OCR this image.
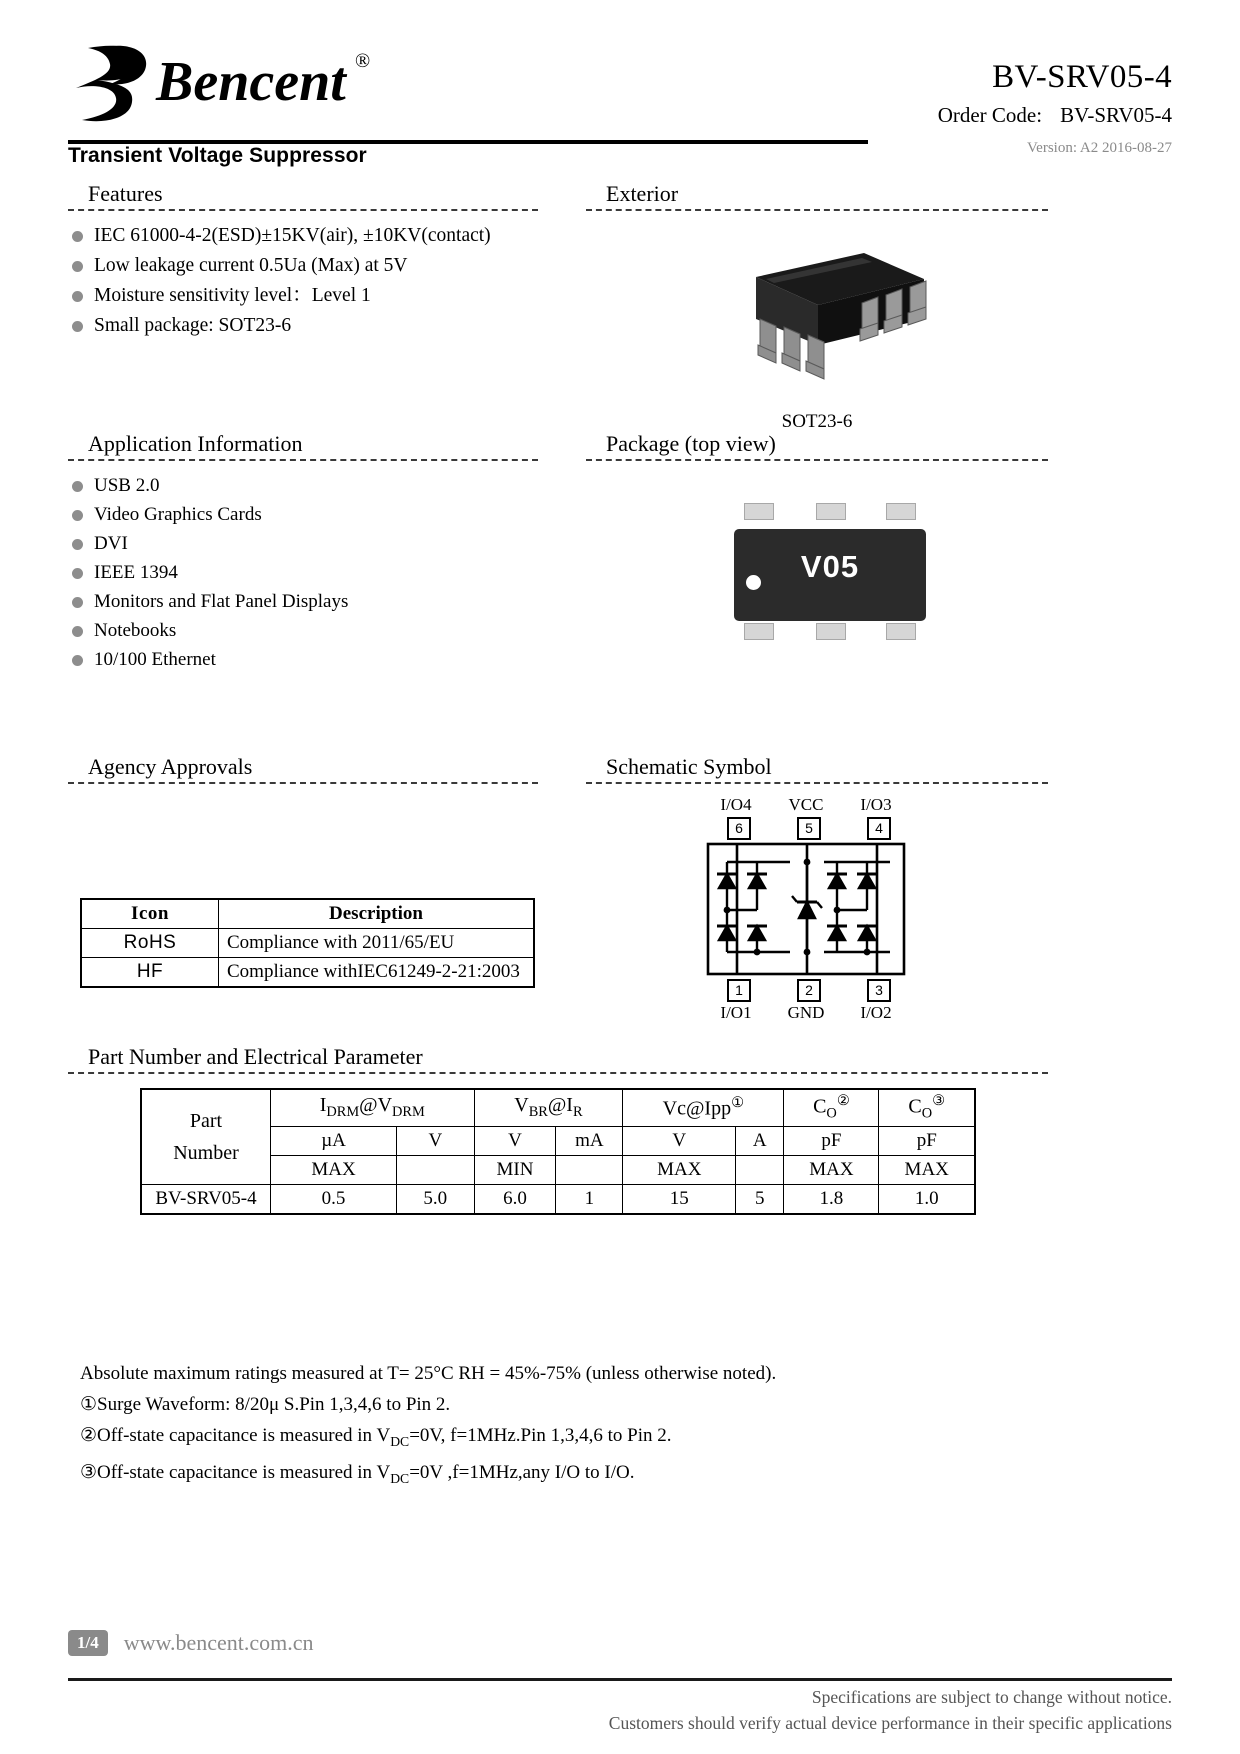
Bencent ®	BV-SRV05-4
Order Code: BV-SRV05-4
Version: A2 2016-08-27
Transient Voltage Suppressor
Features
IEC 61000-4-2(ESD)±15KV(air), ±10KV(contact)
Low leakage current 0.5Ua (Max) at 5V
Moisture sensitivity level：Level 1
Small package: SOT23-6
Exterior
SOT23-6
Application Information
USB 2.0
Video Graphics Cards
DVI
IEEE 1394
Monitors and Flat Panel Displays
Notebooks
10/100 Ethernet
Package (top view)
V05
Agency Approvals
Icon	Description
RoHS	Compliance with 2011/65/EU
HF	Compliance withIEC61249-2-21:2003
Schematic Symbol
I/O4	VCC	I/O3
6	5	4
1	2	3
I/O1	GND	I/O2
Part Number and Electrical Parameter
Part
Number	$I_{DRM}@V_{DRM}$		$V_{BR}@I_R$		Vc@Ipp①		$C_O^②$	$C_O^③$
	µA	V	V	mA	V	A	pF	pF
	MAX		MIN		MAX		MAX	MAX
BV-SRV05-4	0.5	5.0	6.0	1	15	5	1.8	1.0
Absolute maximum ratings measured at T= 25°C RH = 45%-75% (unless otherwise noted).
①Surge Waveform: 8/20μ S.Pin 1,3,4,6 to Pin 2.
②Off-state capacitance is measured in $V_{DC}=0V$, f=1MHz.Pin 1,3,4,6 to Pin 2.
③Off-state capacitance is measured in $V_{DC}=0V$ ,f=1MHz,any I/O to I/O.
1/4 www.bencent.com.cn
Specifications are subject to change without notice.
Customers should verify actual device performance in their specific applications
